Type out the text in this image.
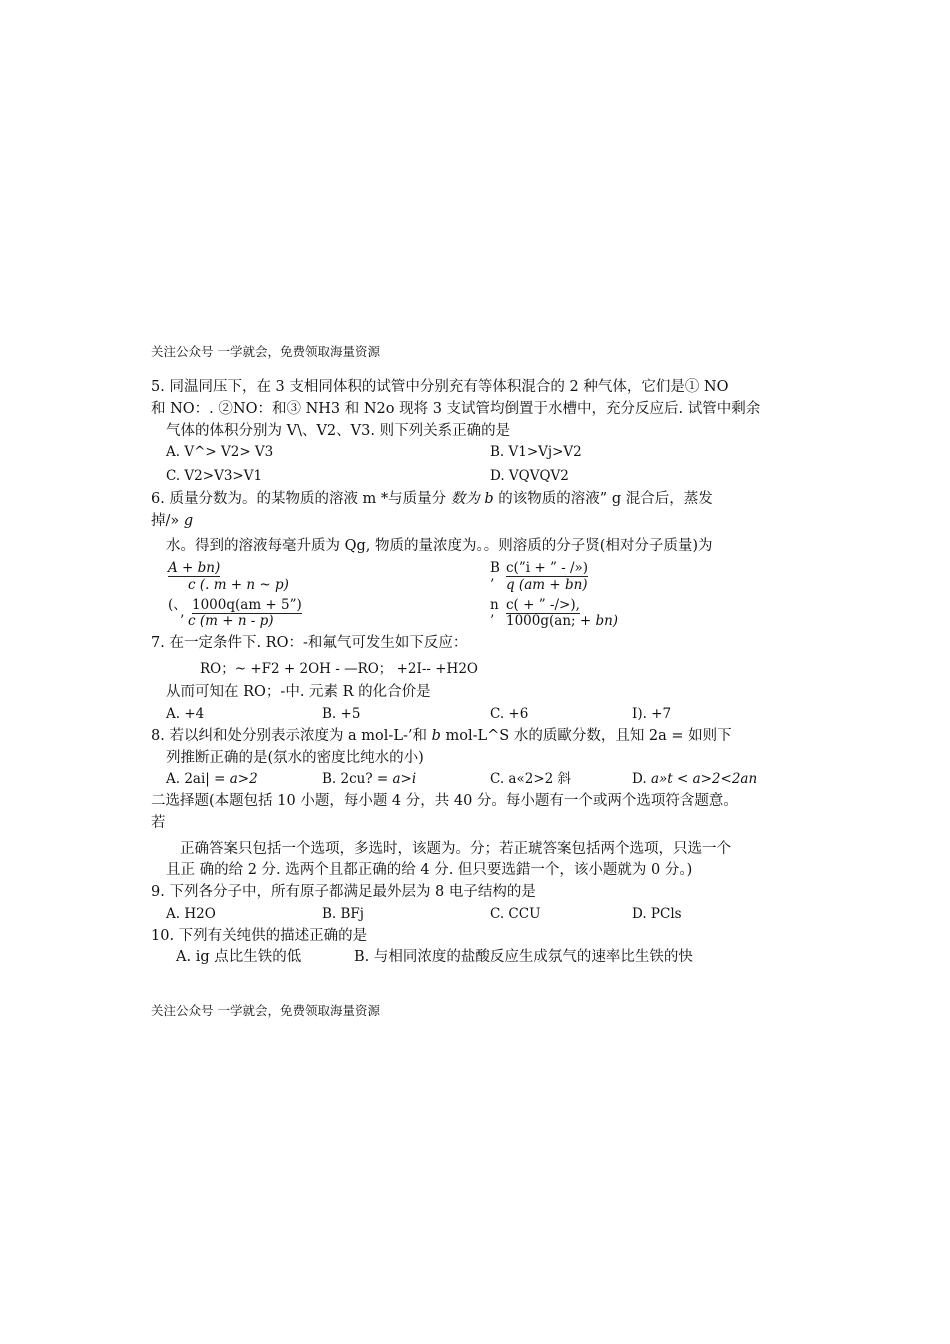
关注公众号 一学就会，免费领取海量资源
5. 同温同压下，在 3 支相同体积的试管中分别充有等体积混合的 2 种气体，它们是① NO
和 NO：. ②NO：和③ NH3 和 N2o 现将 3 支试管均倒置于水槽中，充分反应后. 试管中剩余
气体的体积分别为 V\、V2、V3. 则下列关系正确的是
A. V^> V2> V3	B. V1>Vj>V2
C. V2>V3>V1	D. VQVQV2
6. 质量分数为。的某物质的溶液 m *与质量分 数为 b 的该物质的溶液” g 混合后，蒸发
掉/» g
水。得到的溶液每毫升质为 Qg, 物质的量浓度为。。则溶质的分子贤(相对分子质量)为
A + bn)
c (. m + n ~ p)
B c(”i + ” - /»)
’ q (am + bn)
(、 1000q(am + 5”)
’ c (m + n - p)
n c( + ” -/>),
’ 1000g(an; + bn)
7. 在一定条件下. RO：-和氟气可发生如下反应：
RO；~ +F2 + 2OH - —RO； +2I-- +H2O
从而可知在 RO；-中. 元素 R 的化合价是
A. +4	B. +5	C. +6	I). +7
8. 若以纠和处分别表示浓度为 a mol-L-’和 b mol-L^S 水的质歐分数，且知 2a = 如则下
列推断正确的是(氛水的密度比纯水的小)
A. 2ai| = a>2	B. 2cu? = a>i	C. a«2>2 斜	D. a»t < a>2<2an
二选择题(本题包括 10 小题，每小题 4 分，共 40 分。每小题有一个或两个选项符含题意。
若
正确答案只包括一个选项，多选时，该题为。分；若正琥答案包括两个选项，只选一个
且正 确的给 2 分. 选两个且都正确的给 4 分. 但只要选錯一个，该小题就为 0 分。)
9. 下列各分子中，所有原子都满足最外层为 8 电子结构的是
A. H2O	B. BFj	C. CCU	D. PCls
10. 下列有关纯供的描述正确的是
A. ig 点比生铁的低	B. 与相同浓度的盐酸反应生成氛气的速率比生铁的快
关注公众号 一学就会，免费领取海量资源
